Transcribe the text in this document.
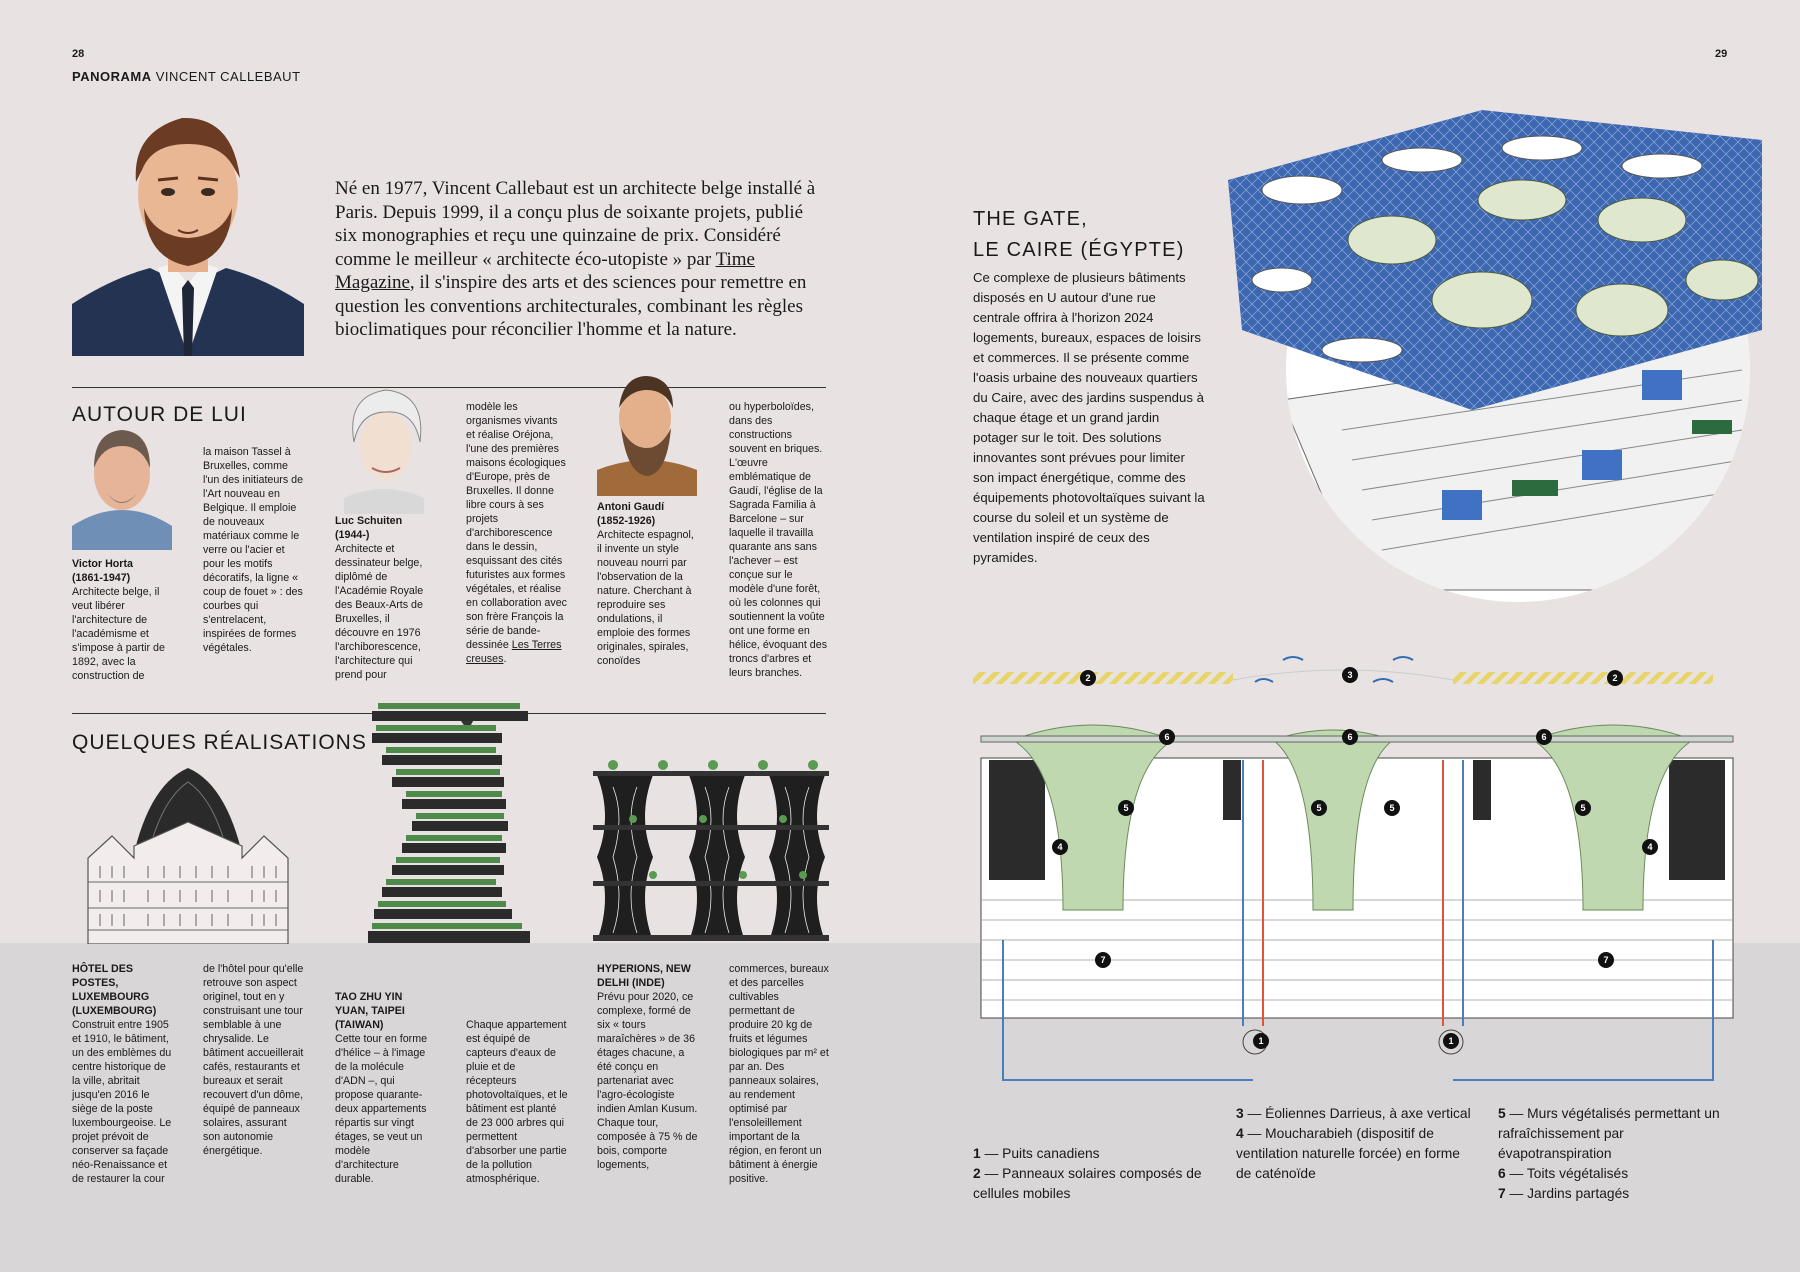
28	29
PANORAMA VINCENT CALLEBAUT
Né en 1977, Vincent Callebaut est un architecte belge installé à Paris. Depuis 1999, il a conçu plus de soixante projets, publié six monographies et reçu une quinzaine de prix. Considéré comme le meilleur « architecte éco-utopiste » par Time Magazine, il s'inspire des arts et des sciences pour remettre en question les conventions architecturales, combinant les règles bioclimatiques pour réconcilier l'homme et la nature.
AUTOUR DE LUI
Victor Horta
(1861-1947)
Architecte belge, il veut libérer l'architecture de l'académisme et s'impose à partir de 1892, avec la construction de
la maison Tassel à Bruxelles, comme l'un des initiateurs de l'Art nouveau en Belgique. Il emploie de nouveaux matériaux comme le verre ou l'acier et pour les motifs décoratifs, la ligne « coup de fouet » : des courbes qui s'entrelacent, inspirées de formes végétales.
Luc Schuiten
(1944-)
Architecte et dessinateur belge, diplômé de l'Académie Royale des Beaux-Arts de Bruxelles, il découvre en 1976 l'archiborescence, l'architecture qui prend pour
modèle les organismes vivants et réalise Oréjona, l'une des premières maisons écologiques d'Europe, près de Bruxelles. Il donne libre cours à ses projets d'archiborescence dans le dessin, esquissant des cités futuristes aux formes végétales, et réalise en collaboration avec son frère François la série de bande-dessinée Les Terres creuses.
Antoni Gaudí
(1852-1926)
Architecte espagnol, il invente un style nouveau nourri par l'observation de la nature. Cherchant à reproduire ses ondulations, il emploie des formes originales, spirales, conoïdes
ou hyperboloïdes, dans des constructions souvent en briques. L'œuvre emblématique de Gaudí, l'église de la Sagrada Familia à Barcelone – sur laquelle il travailla quarante ans sans l'achever – est conçue sur le modèle d'une forêt, où les colonnes qui soutiennent la voûte ont une forme en hélice, évoquant des troncs d'arbres et leurs branches.
QUELQUES RÉALISATIONS
HÔTEL DES POSTES, LUXEMBOURG (LUXEMBOURG)
Construit entre 1905 et 1910, le bâtiment, un des emblèmes du centre historique de la ville, abritait jusqu'en 2016 le siège de la poste luxembourgeoise. Le projet prévoit de conserver sa façade néo-Renaissance et de restaurer la cour
de l'hôtel pour qu'elle retrouve son aspect originel, tout en y construisant une tour semblable à une chrysalide. Le bâtiment accueillerait cafés, restaurants et bureaux et serait recouvert d'un dôme, équipé de panneaux solaires, assurant son autonomie énergétique.
TAO ZHU YIN YUAN, TAIPEI (TAIWAN)
Cette tour en forme d'hélice – à l'image de la molécule d'ADN –, qui propose quarante-deux appartements répartis sur vingt étages, se veut un modèle d'architecture durable.
Chaque appartement est équipé de capteurs d'eaux de pluie et de récepteurs photovoltaïques, et le bâtiment est planté de 23 000 arbres qui permettent d'absorber une partie de la pollution atmosphérique.
HYPERIONS, NEW DELHI (INDE)
Prévu pour 2020, ce complexe, formé de six « tours maraîchères » de 36 étages chacune, a été conçu en partenariat avec l'agro-écologiste indien Amlan Kusum. Chaque tour, composée à 75 % de bois, comporte logements,
commerces, bureaux et des parcelles cultivables permettant de produire 20 kg de fruits et légumes biologiques par m² et par an. Des panneaux solaires, au rendement optimisé par l'ensoleillement important de la région, en feront un bâtiment à énergie positive.
THE GATE,
LE CAIRE (ÉGYPTE)
Ce complexe de plusieurs bâtiments disposés en U autour d'une rue centrale offrira à l'horizon 2024 logements, bureaux, espaces de loisirs et commerces. Il se présente comme l'oasis urbaine des nouveaux quartiers du Caire, avec des jardins suspendus à chaque étage et un grand jardin potager sur le toit. Des solutions innovantes sont prévues pour limiter son impact énergétique, comme des équipements photovoltaïques suivant la course du soleil et un système de ventilation inspiré de ceux des pyramides.
2	3	2
6	6	6
5	5	5	5
4	4
7	7
1	1

1 — Puits canadiens

2 — Panneaux solaires composés de cellules mobiles

3 — Éoliennes Darrieus, à axe vertical

4 — Moucharabieh (dispositif de ventilation naturelle forcée) en forme de caténoïde

5 — Murs végétalisés permettant un rafraîchissement par évapotranspiration

6 — Toits végétalisés

7 — Jardins partagés
